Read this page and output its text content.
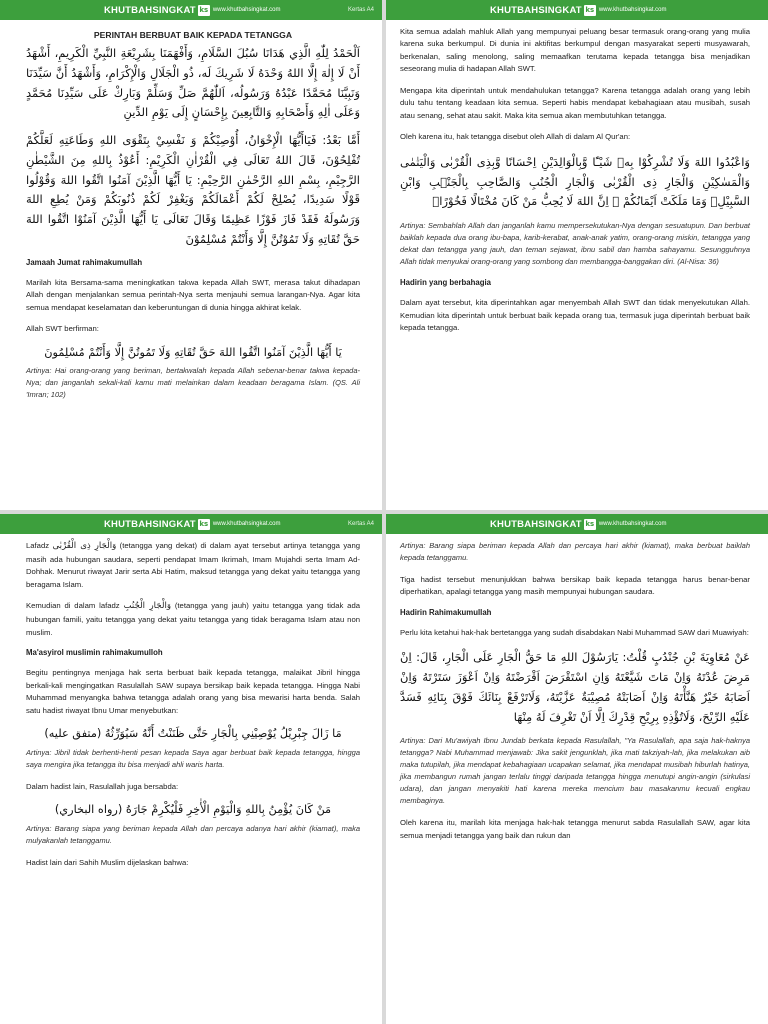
KHUTBAHSINGKAT ks www.khutbahsingkat.com	Kertas A4
PERINTAH BERBUAT BAIK KEPADA TETANGGA
اَلْحَمْدُ لِلّٰهِ الَّذِي هَدَانَا سُبُلَ السَّلَامِ، وَأَفْهَمَنَا بِشَرِيْعَةِ النَّبِيِّ الْكَرِيمِ، أَشْهَدُ أَنْ لَا إِلٰهَ إِلَّا اللهُ وَحْدَهُ لَا شَرِيكَ لَه، ذُو الْجَلَالِ وَالْإِكْرَامِ، وَأَشْهَدُ أَنَّ سَيِّدَنَا وَنَبِيَّنَا مُحَمَّدًا عَبْدُهُ وَرَسُولُه، اَللّٰهُمَّ صَلِّ وَسَلِّمْ وَبَارِكْ عَلَى سَيِّدِنَا مُحَمَّدٍ وَعَلَى اٰلِهِ وَأَصْحَابِهِ وَالتَّابِعِينَ بِإِحْسَانٍ إِلَى يَوْمِ الدِّينِ
أَمَّا بَعْدُ: فَيَاأَيُّهَا الْإِخْوَانُ، أُوْصِيْكُمْ وَ نَفْسِيْ بِتَقْوَى اللهِ وَطَاعَتِهِ لَعَلَّكُمْ تُفْلِحُوْنَ، قَالَ اللهُ تَعَالَى فِي الْقُرْاٰنِ الْكَرِيْمِ: أَعُوْذُ بِاللهِ مِنَ الشَّيْطٰنِ الرَّجِيْمِ، بِسْمِ اللهِ الرَّحْمٰنِ الرَّحِيْمِ: يَا أَيُّهَا الَّذِيْنَ آمَنُوا اتَّقُوا اللهَ وَقُوْلُوا قَوْلًا سَدِيدًا، يُصْلِحْ لَكُمْ أَعْمَالَكُمْ وَيَغْفِرْ لَكُمْ ذُنُوبَكُمْ وَمَنْ يُطِعِ اللهَ وَرَسُولَهُ فَقَدْ فَازَ فَوْزًا عَظِيمًا وَقَالَ تَعَالَى يَا أَيُّهَا الَّذِيْنَ آمَنُوْا اتَّقُوا اللهَ حَقَّ تُقَاتِهِ وَلَا تَمُوْتُنَّ إِلَّا وَأَنْتُمْ مُسْلِمُوْنَ
Jamaah Jumat rahimakumullah

Marilah kita Bersama-sama meningkatkan takwa kepada Allah SWT, merasa takut dihadapan Allah dengan menjalankan semua perintah-Nya serta menjauhi semua larangan-Nya. Agar kita semua mendapat keselamatan dan keberuntungan di dunia hingga akhirat kelak.

Allah SWT berfirman:

يَا أَيُّهَا الَّذِيْنَ آمَنُوا اتَّقُوا اللهَ حَقَّ تُقَاتِهِ وَلَا تَمُوتُنَّ إِلَّا وَأَنْتُمْ مُسْلِمُونَ
Artinya: Hai orang-orang yang beriman, bertakwalah kepada Allah sebenar-benar takwa kepada-Nya; dan janganlah sekali-kali kamu mati melainkan dalam keadaan beragama Islam. (QS. Ali 'Imran; 102)
KHUTBAHSINGKAT ks www.khutbahsingkat.com

Kita semua adalah mahluk Allah yang mempunyai peluang besar termasuk orang-orang yang mulia karena suka berkumpul. Di dunia ini aktifitas berkumpul dengan masyarakat seperti musyawarah, berkenalan, saling menolong, saling memaafkan terutama kepada tetangga bisa menjadikan seseorang mulia di hadapan Allah SWT.

Mengapa kita diperintah untuk mendahulukan tetangga? Karena tetangga adalah orang yang lebih dulu tahu tentang keadaan kita semua. Seperti habis mendapat kebahagiaan atau musibah, susah atau senang, sehat atau sakit. Maka kita semua akan membutuhkan tetangga.

Oleh karena itu, hak tetangga disebut oleh Allah di dalam Al Qur'an:

وَاعْبُدُوا اللهَ وَلَا تُشْرِكُوْا بِهٖ شَيْـًٔا وَّبِالْوَالِدَيْنِ اِحْسَانًا وَّبِذِى الْقُرْبٰى وَالْيَتٰمٰى وَالْمَسٰكِيْنِ وَالْجَارِ ذِى الْقُرْبٰى وَالْجَارِ الْجُنُبِ وَالصَّاحِبِ بِالْجَنْۢبِ وَابْنِ السَّبِيْلِۙ وَمَا مَلَكَتْ اَيْمَانُكُمْ ۗ اِنَّ اللهَ لَا يُحِبُّ مَنْ كَانَ مُخْتَالًا فَخُوْرًاۙ
Artinya: Sembahlah Allah dan janganlah kamu mempersekutukan-Nya dengan sesuatupun. Dan berbuat baiklah kepada dua orang ibu-bapa, karib-kerabat, anak-anak yatim, orang-orang miskin, tetangga yang dekat dan tetangga yang jauh, dan teman sejawat, ibnu sabil dan hamba sahayamu. Sesungguhnya Allah tidak menyukai orang-orang yang sombong dan membangga-banggakan diri. (Al-Nisa: 36)
Hadirin yang berbahagia

Dalam ayat tersebut, kita diperintahkan agar menyembah Allah SWT dan tidak menyekutukan Allah. Kemudian kita diperintah untuk berbuat baik kepada orang tua, termasuk juga diperintah berbuat baik kepada tetangga.

KHUTBAHSINGKAT ks www.khutbahsingkat.com	Kertas A4

Lafadz وَالْجَارِ ذِى الْقُرْبٰى (tetangga yang dekat) di dalam ayat tersebut artinya tetangga yang masih ada hubungan saudara, seperti pendapat Imam Ikrimah, Imam Mujahdi serta Imam Ad-Dohhak. Menurut riwayat Jarir serta Abi Hatim, maksud tetangga yang dekat yaitu tetangga yang beragama Islam.

Kemudian di dalam lafadz وَالْجَارِ الْجُنُبِ (tetangga yang jauh) yaitu tetangga yang tidak ada hubungan famili, yaitu tetangga yang dekat yaitu tetangga yang tidak beragama Islam atau non muslim.

Ma'asyirol muslimin rahimakumulloh

Begitu pentingnya menjaga hak serta berbuat baik kepada tetangga, malaikat Jibril hingga berkali-kali mengingatkan Rasulallah SAW supaya bersikap baik kepada tetangga. Hingga Nabi Muhammad menyangka bahwa tetangga adalah orang yang bisa mewarisi harta benda. Salah satu hadist riwayat Ibnu Umar menyebutkan:

مَا زَالَ جِبْرِيْلُ يُوْصِيْنِي بِالْجَارِ حَتَّى ظَنَنْتُ أَنَّهُ سَيُوَرِّثُهُ (متفق عليه)
Artinya: Jibril tidak berhenti-henti pesan kepada Saya agar berbuat baik kepada tetangga, hingga saya mengira jika tetangga itu bisa menjadi ahli waris harta.

Dalam hadist lain, Rasulallah juga bersabda:

مَنْ كَانَ يُؤْمِنُ بِاللهِ وَالْيَوْمِ الْأٰخِرِ فَلْيُكْرِمْ جَارَهُ (رواه البخاري)
Artinya: Barang siapa yang beriman kepada Allah dan percaya adanya hari akhir (kiamat), maka mulyakanlah tetanggamu.

Hadist lain dari Sahih Muslim dijelaskan bahwa:

KHUTBAHSINGKAT ks www.khutbahsingkat.com
Artinya: Barang siapa beriman kepada Allah dan percaya hari akhir (kiamat), maka berbuat baiklah kepada tetanggamu.

Tiga hadist tersebut menunjukkan bahwa bersikap baik kepada tetangga harus benar-benar diperhatikan, apalagi tetangga yang masih mempunyai hubungan saudara.

Hadirin Rahimakumullah

Perlu kita ketahui hak-hak bertetangga yang sudah disabdakan Nabi Muhammad SAW dari Muawiyah:

عَنْ مُعَاوِيَةَ بْنِ جُنْدُبٍ قُلْتُ: يَارَسُوْلَ اللهِ مَا حَقُّ الْجَارِ عَلَى الْجَارِ، قَالَ: اِنْ مَرِضَ عُدْتَهُ وَاِنْ مَاتَ شَيَّعْتَهُ وَاِنِ اسْتَقْرَضَ اَقْرَضْتَهُ وَاِنْ اَعْوَزَ سَتَرْتَهُ وَاِنْ اَصَابَهُ خَيْرٌ هَنَّأْتَهُ وَاِنْ اَصَابَتْهُ مُصِيْبَةٌ عَزَّيْتَهُ، وَلَاتَرْفَعْ بِنَائَكَ فَوْقَ بِنَائِهِ فَسَدَّ عَلَيْهِ الرِّيْحَ، وَلَاتُؤْذِهِ بِرِيْحِ قِدْرِكَ اِلَّا اَنْ تَغْرِفَ لَهُ مِنْهَا
Artinya: Dari Mu'awiyah Ibnu Jundab berkata kepada Rasulallah, "Ya Rasulallah, apa saja hak-haknya tetangga? Nabi Muhammad menjawab: Jika sakit jengunklah, jika mati takziyah-lah, jika melakukan aib maka tutupilah, jika mendapat kebahagiaan ucapakan selamat, jika mendapat musibah hiburlah hatinya, jika membangun rumah jangan terlalu tinggi daripada tetangga hingga menutupi angin-angin (sirkulasi udara), dan jangan menyakiti hati karena mereka mencium bau masakanmu kecuali engkau membaginya.

Oleh karena itu, marilah kita menjaga hak-hak tetangga menurut sabda Rasulallah SAW, agar kita semua menjadi tetangga yang baik dan rukun dan
